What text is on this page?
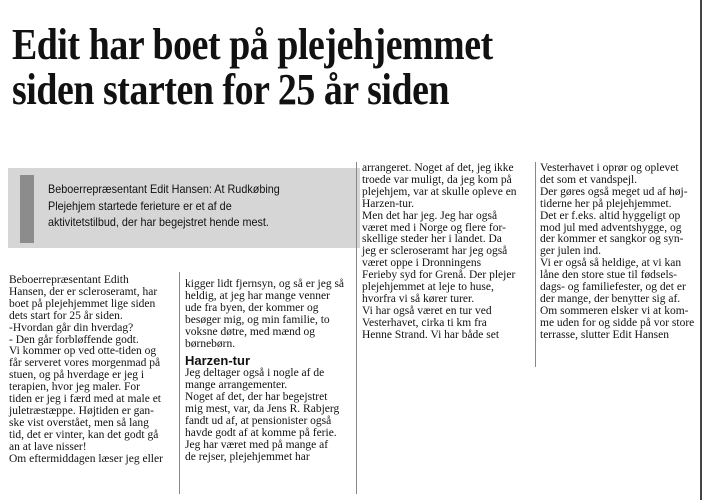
Edit har boet på plejehjemmet
siden starten for 25 år siden
Beboerrepræsentant Edit Hansen: At Rudkøbing
Plejehjem startede ferieture er et af de
aktivitetstilbud, der har begejstret hende mest.
Beboerrepræsentant Edith
Hansen, der er scleroseramt, har
boet på plejehjemmet lige siden
dets start for 25 år siden.
-Hvordan går din hverdag?
- Den går forbløffende godt.
Vi kommer op ved otte-tiden og
får serveret vores morgenmad på
stuen, og på hverdage er jeg i
terapien, hvor jeg maler. For
tiden er jeg i færd med at male et
juletræstæppe. Højtiden er gan-
ske vist overstået, men så lang
tid, det er vinter, kan det godt gå
an at lave nisser!
Om eftermiddagen læser jeg eller
kigger lidt fjernsyn, og så er jeg så
heldig, at jeg har mange venner
ude fra byen, der kommer og
besøger mig, og min familie, to
voksne døtre, med mænd og
børnebørn.
Harzen-tur
Jeg deltager også i nogle af de
mange arrangementer.
Noget af det, der har begejstret
mig mest, var, da Jens R. Rabjerg
fandt ud af, at pensionister også
havde godt af at komme på ferie.
Jeg har været med på mange af
de rejser, plejehjemmet har
arrangeret. Noget af det, jeg ikke
troede var muligt, da jeg kom på
plejehjem, var at skulle opleve en
Harzen-tur.
Men det har jeg. Jeg har også
været med i Norge og flere for-
skellige steder her i landet. Da
jeg er scleroseramt har jeg også
været oppe i Dronningens
Ferieby syd for Grenå. Der plejer
plejehjemmet at leje to huse,
hvorfra vi så kører turer.
Vi har også været en tur ved
Vesterhavet, cirka ti km fra
Henne Strand. Vi har både set
Vesterhavet i oprør og oplevet
det som et vandspejl.
Der gøres også meget ud af høj-
tiderne her på plejehjemmet.
Det er f.eks. altid hyggeligt op
mod jul med adventshygge, og
der kommer et sangkor og syn-
ger julen ind.
Vi er også så heldige, at vi kan
låne den store stue til fødsels-
dags- og familiefester, og det er
der mange, der benytter sig af.
Om sommeren elsker vi at kom-
me uden for og sidde på vor store
terrasse, slutter Edit Hansen
